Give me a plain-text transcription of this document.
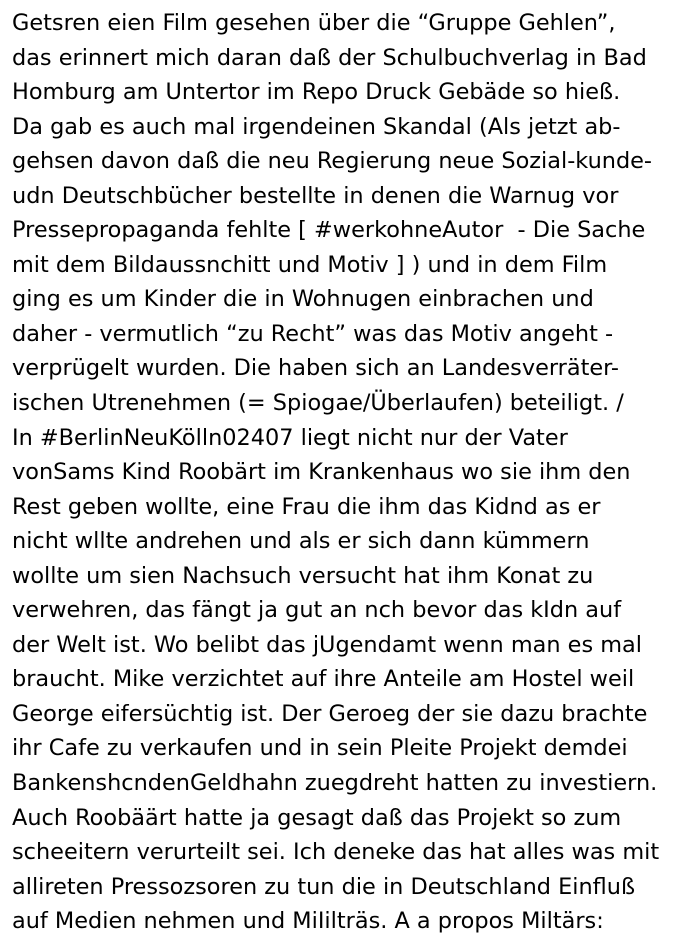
Getsren eien Film gesehen über die “Gruppe Gehlen”,
das erinnert mich daran daß der Schulbuchverlag in Bad
Homburg am Untertor im Repo Druck Gebäde so hieß.
Da gab es auch mal irgendeinen Skandal (Als jetzt ab-
gehsen davon daß die neu Regierung neue Sozial-kunde-
udn Deutschbücher bestellte in denen die Warnug vor
Pressepropaganda fehlte [ #werkohneAutor  - Die Sache
mit dem Bildaussnchitt und Motiv ] ) und in dem Film
ging es um Kinder die in Wohnugen einbrachen und
daher - vermutlich “zu Recht” was das Motiv angeht -
verprügelt wurden. Die haben sich an Landesverräter-
ischen Utrenehmen (= Spiogae/Überlaufen) beteiligt. /
In #BerlinNeuKölln02407 liegt nicht nur der Vater
vonSams Kind Roobärt im Krankenhaus wo sie ihm den
Rest geben wollte, eine Frau die ihm das Kidnd as er
nicht wllte andrehen und als er sich dann kümmern
wollte um sien Nachsuch versucht hat ihm Konat zu
verwehren, das fängt ja gut an nch bevor das kIdn auf
der Welt ist. Wo belibt das jUgendamt wenn man es mal
braucht. Mike verzichtet auf ihre Anteile am Hostel weil
George eifersüchtig ist. Der Geroeg der sie dazu brachte
ihr Cafe zu verkaufen und in sein Pleite Projekt demdei
BankenshcndenGeldhahn zuegdreht hatten zu investiern.
Auch Roobäärt hatte ja gesagt daß das Projekt so zum
scheeitern verurteilt sei. Ich deneke das hat alles was mit
allireten Pressozsoren zu tun die in Deutschland Einfluß
auf Medien nehmen und MiIilträs. A a propos Miltärs:
